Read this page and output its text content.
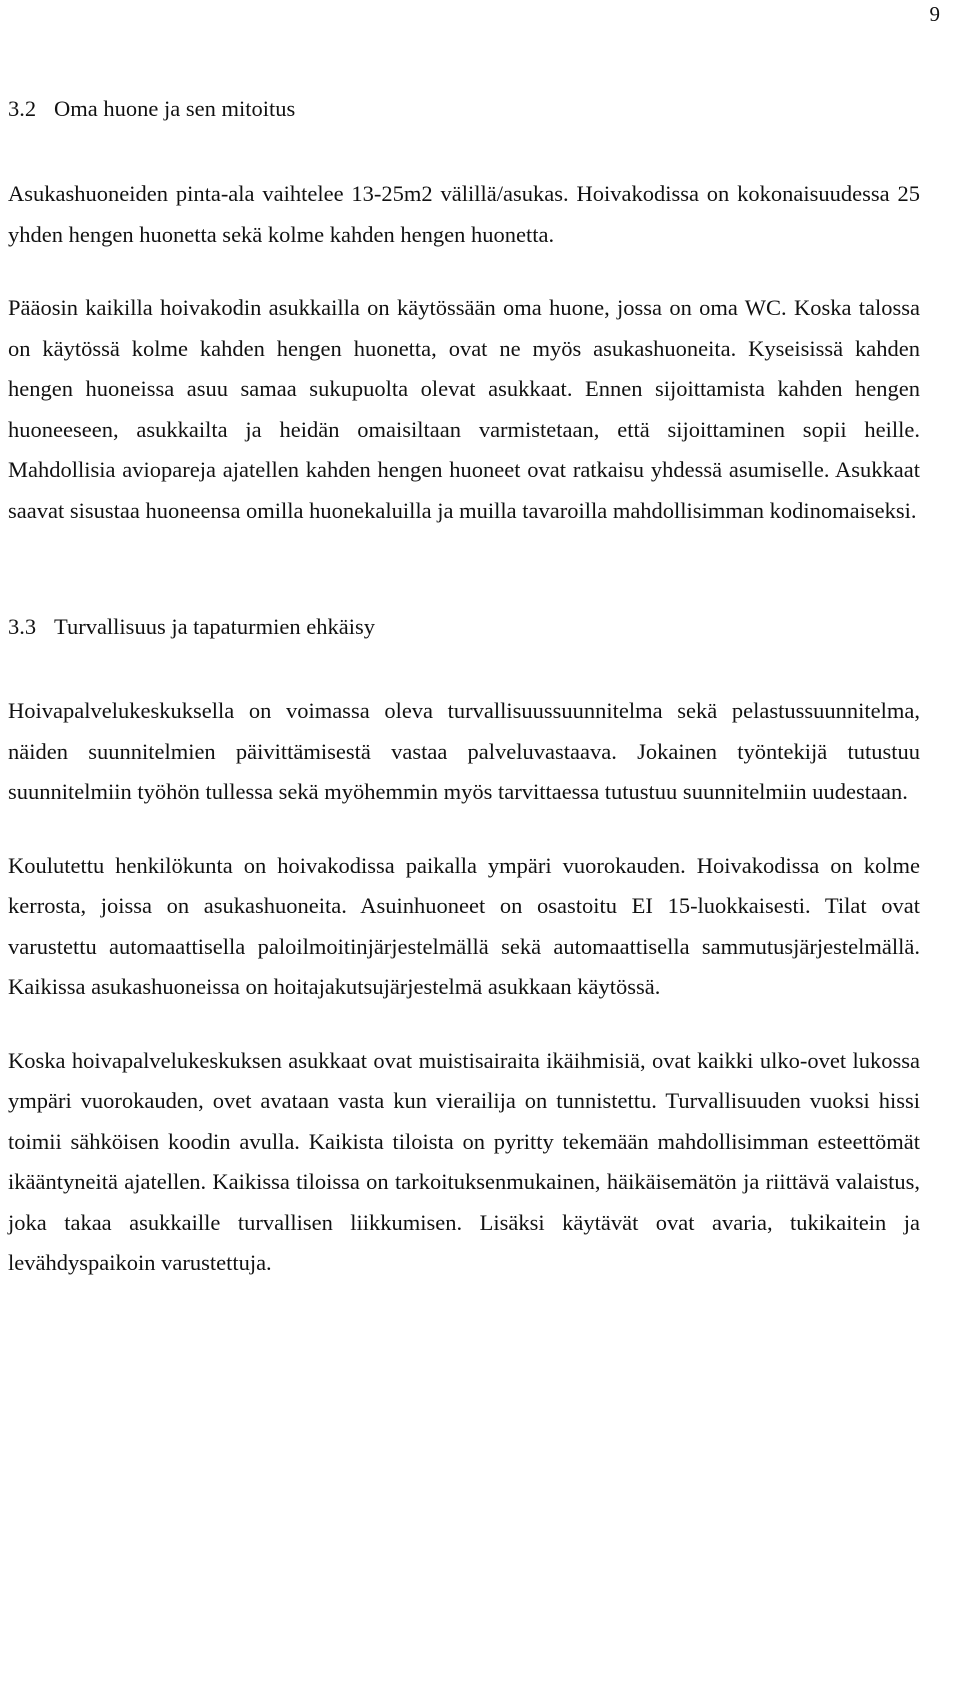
9
3.2 Oma huone ja sen mitoitus

Asukashuoneiden pinta-ala vaihtelee 13-25m2 välillä/asukas. Hoivakodissa on kokonaisuudessa 25 yhden hengen huonetta sekä kolme kahden hengen huonetta.

Pääosin kaikilla hoivakodin asukkailla on käytössään oma huone, jossa on oma WC. Koska talossa on käytössä kolme kahden hengen huonetta, ovat ne myös asukashuoneita. Kyseisissä kahden hengen huoneissa asuu samaa sukupuolta olevat asukkaat. Ennen sijoittamista kahden hengen huoneeseen, asukkailta ja heidän omaisiltaan varmistetaan, että sijoittaminen sopii heille. Mahdollisia aviopareja ajatellen kahden hengen huoneet ovat ratkaisu yhdessä asumiselle. Asukkaat saavat sisustaa huoneensa omilla huonekaluilla ja muilla tavaroilla mahdollisimman kodinomaiseksi.

3.3 Turvallisuus ja tapaturmien ehkäisy

Hoivapalvelukeskuksella on voimassa oleva turvallisuussuunnitelma sekä pelastussuunnitelma, näiden suunnitelmien päivittämisestä vastaa palveluvastaava. Jokainen työntekijä tutustuu suunnitelmiin työhön tullessa sekä myöhemmin myös tarvittaessa tutustuu suunnitelmiin uudestaan.

Koulutettu henkilökunta on hoivakodissa paikalla ympäri vuorokauden. Hoivakodissa on kolme kerrosta, joissa on asukashuoneita. Asuinhuoneet on osastoitu EI 15-luokkaisesti. Tilat ovat varustettu automaattisella paloilmoitinjärjestelmällä sekä automaattisella sammutusjärjestelmällä. Kaikissa asukashuoneissa on hoitajakutsujärjestelmä asukkaan käytössä.

Koska hoivapalvelukeskuksen asukkaat ovat muistisairaita ikäihmisiä, ovat kaikki ulko-ovet lukossa ympäri vuorokauden, ovet avataan vasta kun vierailija on tunnistettu. Turvallisuuden vuoksi hissi toimii sähköisen koodin avulla. Kaikista tiloista on pyritty tekemään mahdollisimman esteettömät ikääntyneitä ajatellen. Kaikissa tiloissa on tarkoituksenmukainen, häikäisemätön ja riittävä valaistus, joka takaa asukkaille turvallisen liikkumisen. Lisäksi käytävät ovat avaria, tukikaitein ja levähdyspaikoin varustettuja.
